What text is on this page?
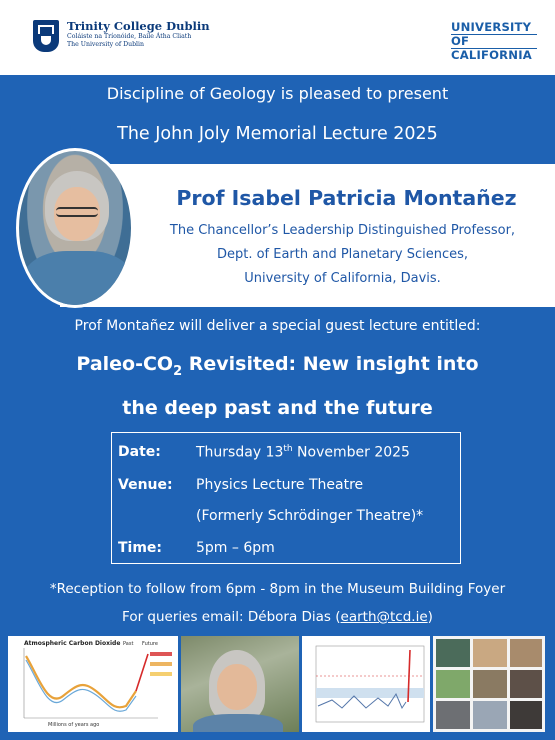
Trinity College Dublin
Coláiste na Tríonóide, Baile Átha Cliath
The University of Dublin
UNIVERSITY
OF
CALIFORNIA
Discipline of Geology is pleased to present
The John Joly Memorial Lecture 2025
Prof Isabel Patricia Montañez
The Chancellor’s Leadership Distinguished Professor,
Dept. of Earth and Planetary Sciences,
University of California, Davis.
Prof Montañez will deliver a special guest lecture entitled:
Paleo-$CO_2$ Revisited: New insight into
the deep past and the future
Date:	Thursday 13th November 2025
Venue: Physics Lecture Theatre
(Formerly Schrödinger Theatre)*
Time: 5pm – 6pm
*Reception to follow from 6pm - 8pm in the Museum Building Foyer
For queries email: Débora Dias (earth@tcd.ie)
Atmospheric Carbon Dioxide Past Future
Millions of years ago
